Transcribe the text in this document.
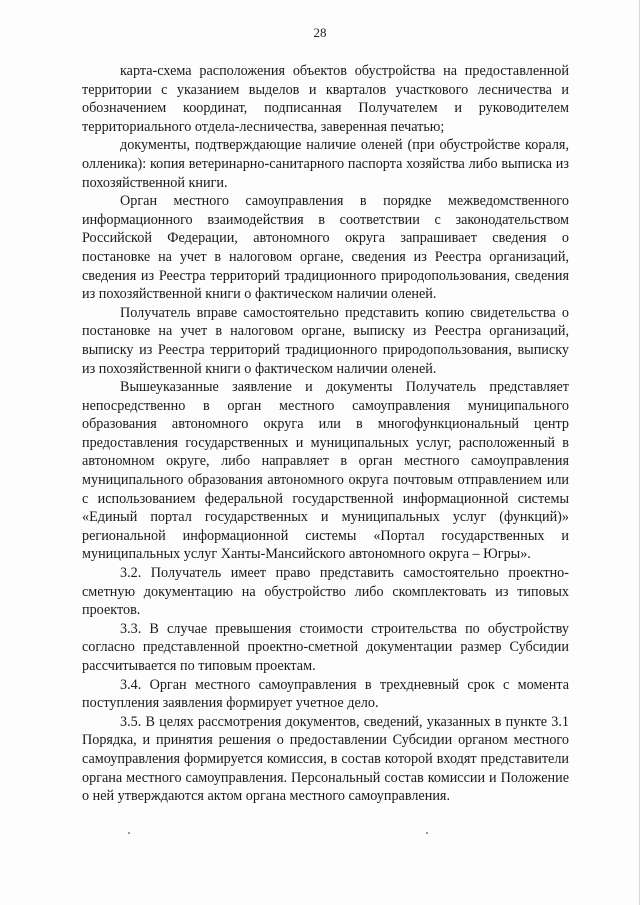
28

карта-схема расположения объектов обустройства на предоставленной территории с указанием выделов и кварталов участкового лесничества и обозначением координат, подписанная Получателем и руководителем территориального отдела-лесничества, заверенная печатью;

документы, подтверждающие наличие оленей (при обустройстве кораля, олленика): копия ветеринарно-санитарного паспорта хозяйства либо выписка из похозяйственной книги.

Орган местного самоуправления в порядке межведомственного информационного взаимодействия в соответствии с законодательством Российской Федерации, автономного округа запрашивает сведения о постановке на учет в налоговом органе, сведения из Реестра организаций, сведения из Реестра территорий традиционного природопользования, сведения из похозяйственной книги о фактическом наличии оленей.

Получатель вправе самостоятельно представить копию свидетельства о постановке на учет в налоговом органе, выписку из Реестра организаций, выписку из Реестра территорий традиционного природопользования, выписку из похозяйственной книги о фактическом наличии оленей.

Вышеуказанные заявление и документы Получатель представляет непосредственно в орган местного самоуправления муниципального образования автономного округа или в многофункциональный центр предоставления государственных и муниципальных услуг, расположенный в автономном округе, либо направляет в орган местного самоуправления муниципального образования автономного округа почтовым отправлением или с использованием федеральной государственной информационной системы «Единый портал государственных и муниципальных услуг (функций)» региональной информационной системы «Портал государственных и муниципальных услуг Ханты-Мансийского автономного округа – Югры».

3.2. Получатель имеет право представить самостоятельно проектно-сметную документацию на обустройство либо скомплектовать из типовых проектов.

3.3. В случае превышения стоимости строительства по обустройству согласно представленной проектно-сметной документации размер Субсидии рассчитывается по типовым проектам.

3.4. Орган местного самоуправления в трехдневный срок с момента поступления заявления формирует учетное дело.

3.5. В целях рассмотрения документов, сведений, указанных в пункте 3.1 Порядка, и принятия решения о предоставлении Субсидии органом местного самоуправления формируется комиссия, в состав которой входят представители органа местного самоуправления. Персональный состав комиссии и Положение о ней утверждаются актом органа местного самоуправления.
